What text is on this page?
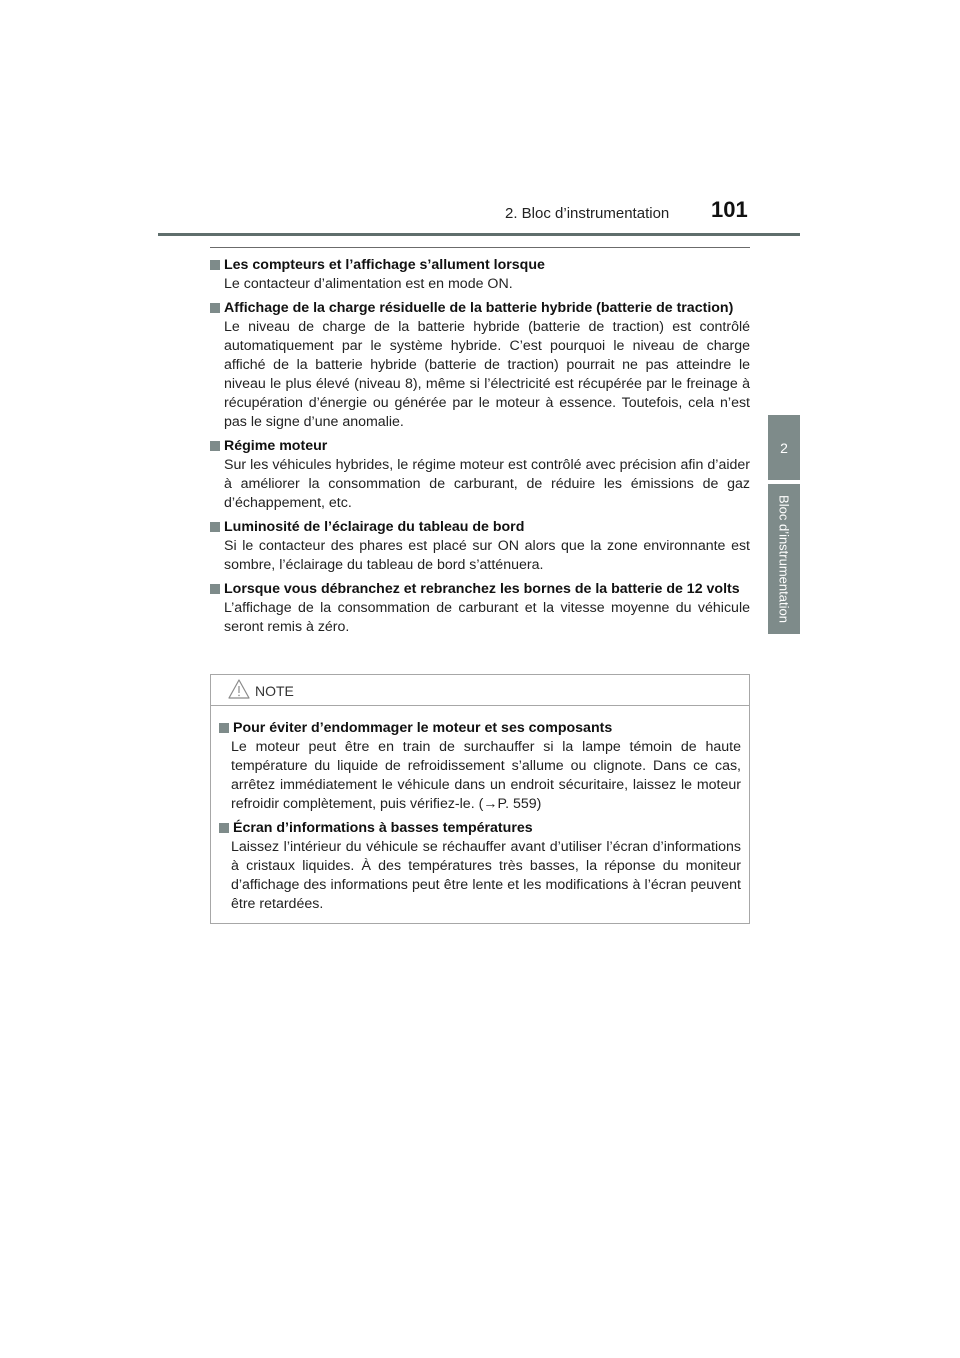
2. Bloc d’instrumentation 101
2
Bloc d’instrumentation
Les compteurs et l’affichage s’allument lorsque
Le contacteur d’alimentation est en mode ON.
Affichage de la charge résiduelle de la batterie hybride (batterie de traction)
Le niveau de charge de la batterie hybride (batterie de traction) est contrôlé automatiquement par le système hybride. C’est pourquoi le niveau de charge affiché de la batterie hybride (batterie de traction) pourrait ne pas atteindre le niveau le plus élevé (niveau 8), même si l’électricité est récupérée par le freinage à récupération d’énergie ou générée par le moteur à essence. Toutefois, cela n’est pas le signe d’une anomalie.
Régime moteur
Sur les véhicules hybrides, le régime moteur est contrôlé avec précision afin d’aider à améliorer la consommation de carburant, de réduire les émissions de gaz d’échappement, etc.
Luminosité de l’éclairage du tableau de bord
Si le contacteur des phares est placé sur ON alors que la zone environnante est sombre, l’éclairage du tableau de bord s’atténuera.
Lorsque vous débranchez et rebranchez les bornes de la batterie de 12 volts
L’affichage de la consommation de carburant et la vitesse moyenne du véhicule seront remis à zéro.
NOTE
Pour éviter d’endommager le moteur et ses composants
Le moteur peut être en train de surchauffer si la lampe témoin de haute température du liquide de refroidissement s’allume ou clignote. Dans ce cas, arrêtez immédiatement le véhicule dans un endroit sécuritaire, laissez le moteur refroidir complètement, puis vérifiez-le. (→P. 559)
Écran d’informations à basses températures
Laissez l’intérieur du véhicule se réchauffer avant d’utiliser l’écran d’informations à cristaux liquides. À des températures très basses, la réponse du moniteur d’affichage des informations peut être lente et les modifications à l’écran peuvent être retardées.
